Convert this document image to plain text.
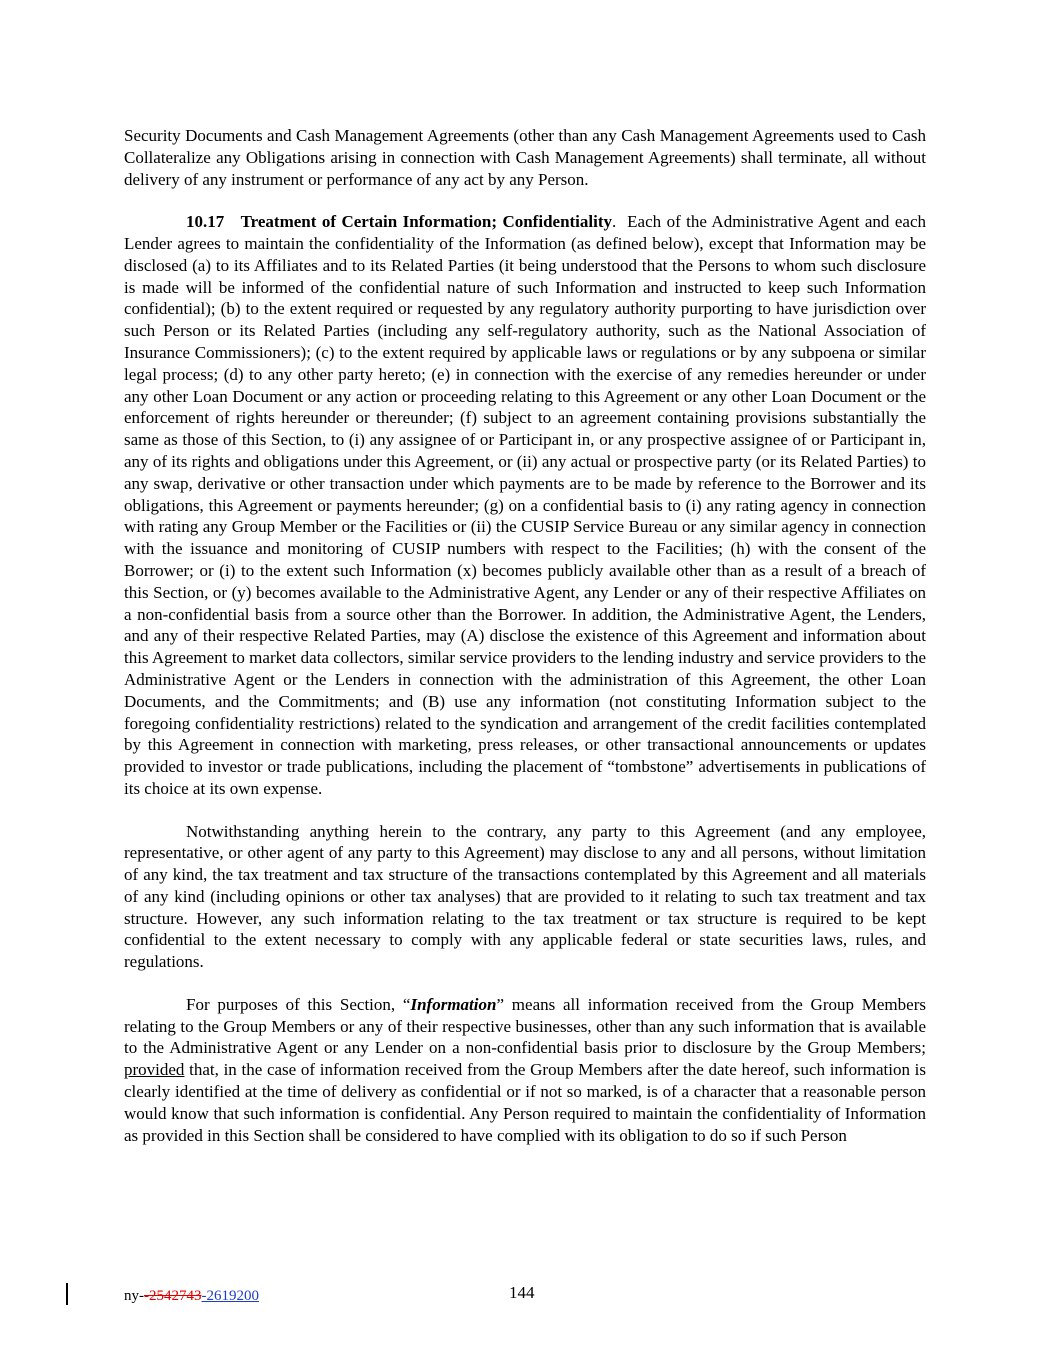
Security Documents and Cash Management Agreements (other than any Cash Management Agreements used to Cash Collateralize any Obligations arising in connection with Cash Management Agreements) shall terminate, all without delivery of any instrument or performance of any act by any Person.

10.17 Treatment of Certain Information; Confidentiality. Each of the Administrative Agent and each Lender agrees to maintain the confidentiality of the Information (as defined below), except that Information may be disclosed (a) to its Affiliates and to its Related Parties (it being understood that the Persons to whom such disclosure is made will be informed of the confidential nature of such Information and instructed to keep such Information confidential); (b) to the extent required or requested by any regulatory authority purporting to have jurisdiction over such Person or its Related Parties (including any self-regulatory authority, such as the National Association of Insurance Commissioners); (c) to the extent required by applicable laws or regulations or by any subpoena or similar legal process; (d) to any other party hereto; (e) in connection with the exercise of any remedies hereunder or under any other Loan Document or any action or proceeding relating to this Agreement or any other Loan Document or the enforcement of rights hereunder or thereunder; (f) subject to an agreement containing provisions substantially the same as those of this Section, to (i) any assignee of or Participant in, or any prospective assignee of or Participant in, any of its rights and obligations under this Agreement, or (ii) any actual or prospective party (or its Related Parties) to any swap, derivative or other transaction under which payments are to be made by reference to the Borrower and its obligations, this Agreement or payments hereunder; (g) on a confidential basis to (i) any rating agency in connection with rating any Group Member or the Facilities or (ii) the CUSIP Service Bureau or any similar agency in connection with the issuance and monitoring of CUSIP numbers with respect to the Facilities; (h) with the consent of the Borrower; or (i) to the extent such Information (x) becomes publicly available other than as a result of a breach of this Section, or (y) becomes available to the Administrative Agent, any Lender or any of their respective Affiliates on a non-confidential basis from a source other than the Borrower. In addition, the Administrative Agent, the Lenders, and any of their respective Related Parties, may (A) disclose the existence of this Agreement and information about this Agreement to market data collectors, similar service providers to the lending industry and service providers to the Administrative Agent or the Lenders in connection with the administration of this Agreement, the other Loan Documents, and the Commitments; and (B) use any information (not constituting Information subject to the foregoing confidentiality restrictions) related to the syndication and arrangement of the credit facilities contemplated by this Agreement in connection with marketing, press releases, or other transactional announcements or updates provided to investor or trade publications, including the placement of “tombstone” advertisements in publications of its choice at its own expense.

Notwithstanding anything herein to the contrary, any party to this Agreement (and any employee, representative, or other agent of any party to this Agreement) may disclose to any and all persons, without limitation of any kind, the tax treatment and tax structure of the transactions contemplated by this Agreement and all materials of any kind (including opinions or other tax analyses) that are provided to it relating to such tax treatment and tax structure. However, any such information relating to the tax treatment or tax structure is required to be kept confidential to the extent necessary to comply with any applicable federal or state securities laws, rules, and regulations.

For purposes of this Section, “Information” means all information received from the Group Members relating to the Group Members or any of their respective businesses, other than any such information that is available to the Administrative Agent or any Lender on a non-confidential basis prior to disclosure by the Group Members; provided that, in the case of information received from the Group Members after the date hereof, such information is clearly identified at the time of delivery as confidential or if not so marked, is of a character that a reasonable person would know that such information is confidential. Any Person required to maintain the confidentiality of Information as provided in this Section shall be considered to have complied with its obligation to do so if such Person

ny--2542743-2619200	144
